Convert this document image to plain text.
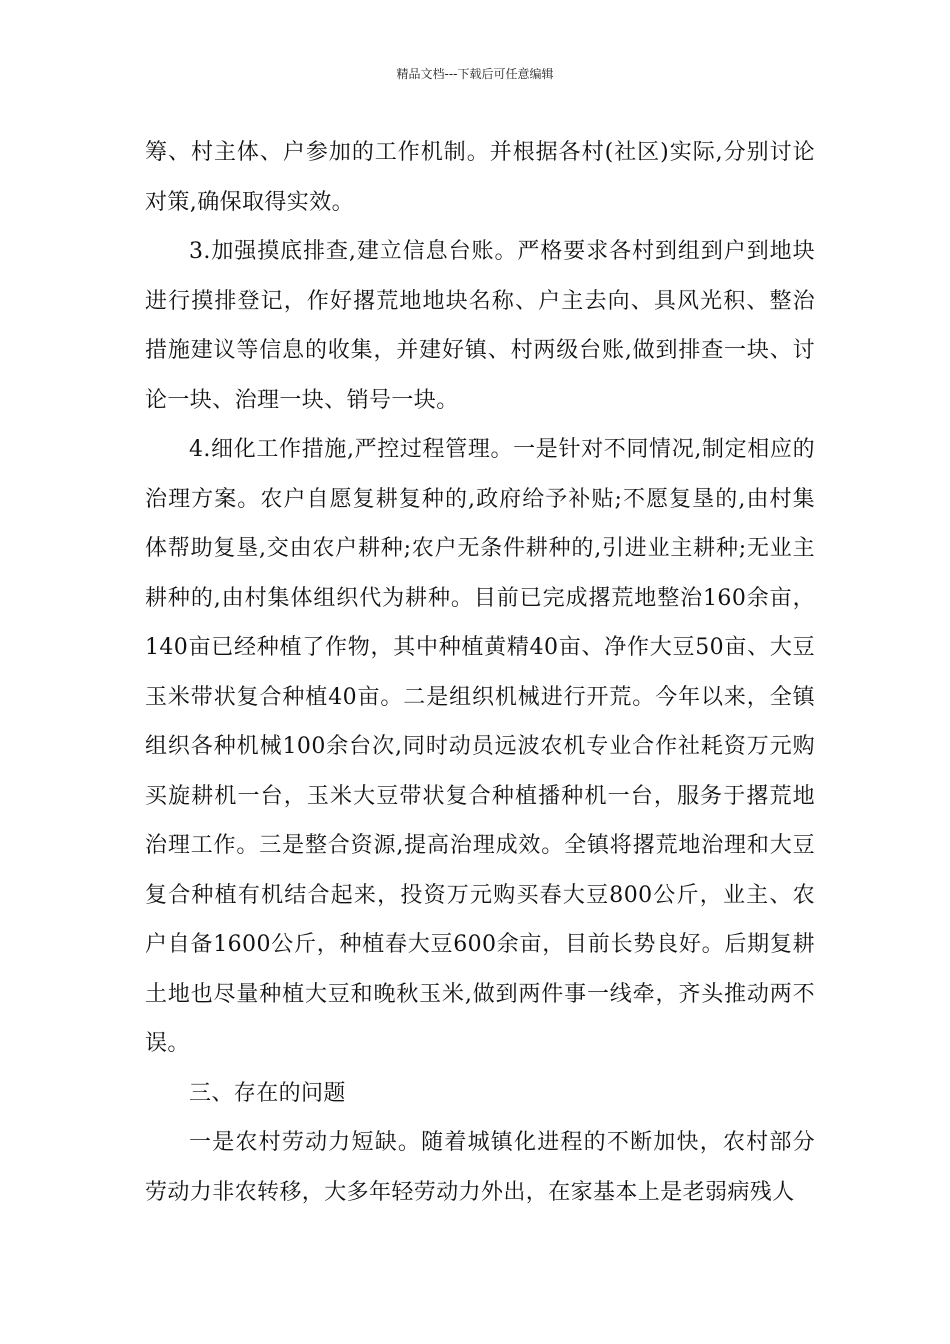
精品文档---下载后可任意编辑

筹、村主体、户参加的工作机制。并根据各村(社区)实际,分别讨论对策,确保取得实效。

3.加强摸底排查,建立信息台账。严格要求各村到组到户到地块进行摸排登记，作好撂荒地地块名称、户主去向、具风光积、整治措施建议等信息的收集，并建好镇、村两级台账,做到排查一块、讨论一块、治理一块、销号一块。

4.细化工作措施,严控过程管理。一是针对不同情况,制定相应的治理方案。农户自愿复耕复种的,政府给予补贴;不愿复垦的,由村集体帮助复垦,交由农户耕种;农户无条件耕种的,引进业主耕种;无业主耕种的,由村集体组织代为耕种。目前已完成撂荒地整治160余亩，140亩已经种植了作物，其中种植黄精40亩、净作大豆50亩、大豆玉米带状复合种植40亩。二是组织机械进行开荒。今年以来，全镇组织各种机械100余台次,同时动员远波农机专业合作社耗资万元购买旋耕机一台，玉米大豆带状复合种植播种机一台，服务于撂荒地治理工作。三是整合资源,提高治理成效。全镇将撂荒地治理和大豆复合种植有机结合起来，投资万元购买春大豆800公斤，业主、农户自备1600公斤，种植春大豆600余亩，目前长势良好。后期复耕土地也尽量种植大豆和晚秋玉米,做到两件事一线牵，齐头推动两不误。

三、存在的问题

一是农村劳动力短缺。随着城镇化进程的不断加快，农村部分劳动力非农转移，大多年轻劳动力外出，在家基本上是老弱病残人
